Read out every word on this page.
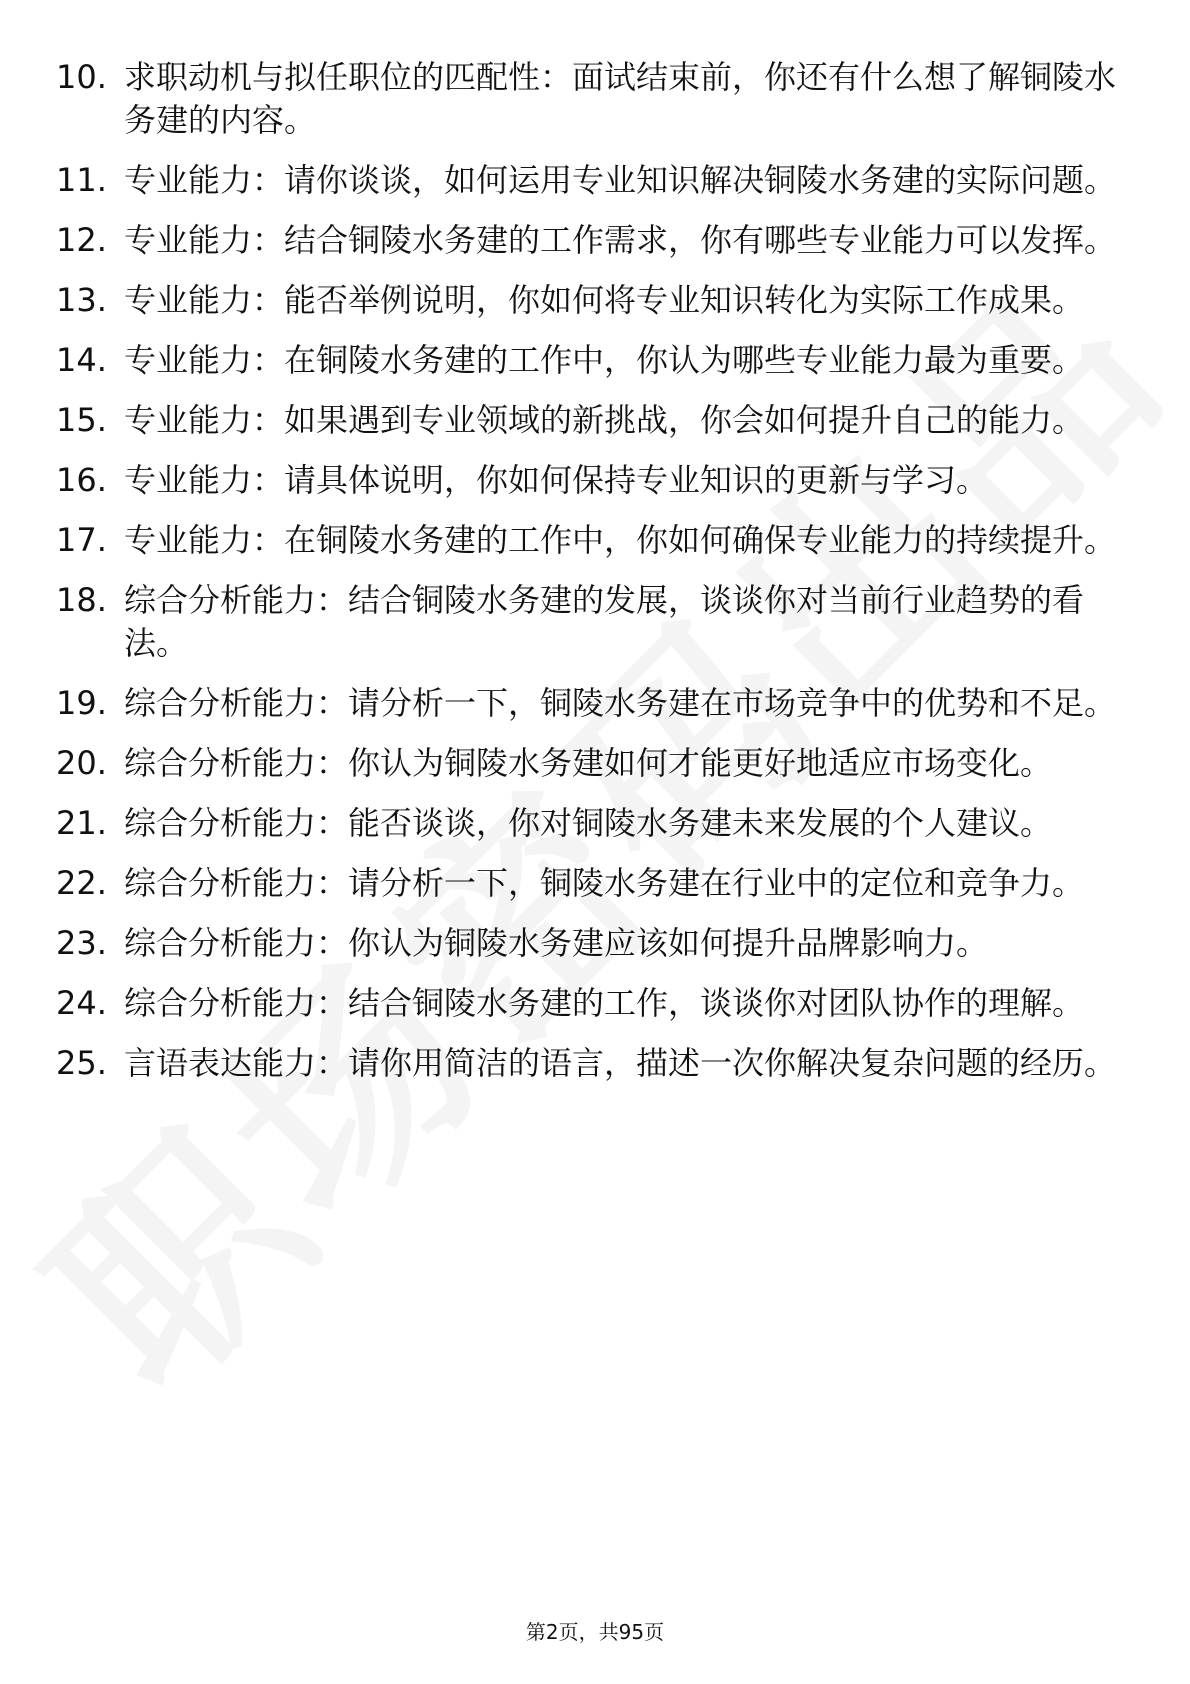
10. 求职动机与拟任职位的匹配性：面试结束前，你还有什么想了解铜陵水务建的内容。
11. 专业能力：请你谈谈，如何运用专业知识解决铜陵水务建的实际问题。
12. 专业能力：结合铜陵水务建的工作需求，你有哪些专业能力可以发挥。
13. 专业能力：能否举例说明，你如何将专业知识转化为实际工作成果。
14. 专业能力：在铜陵水务建的工作中，你认为哪些专业能力最为重要。
15. 专业能力：如果遇到专业领域的新挑战，你会如何提升自己的能力。
16. 专业能力：请具体说明，你如何保持专业知识的更新与学习。
17. 专业能力：在铜陵水务建的工作中，你如何确保专业能力的持续提升。
18. 综合分析能力：结合铜陵水务建的发展，谈谈你对当前行业趋势的看法。
19. 综合分析能力：请分析一下，铜陵水务建在市场竞争中的优势和不足。
20. 综合分析能力：你认为铜陵水务建如何才能更好地适应市场变化。
21. 综合分析能力：能否谈谈，你对铜陵水务建未来发展的个人建议。
22. 综合分析能力：请分析一下，铜陵水务建在行业中的定位和竞争力。
23. 综合分析能力：你认为铜陵水务建应该如何提升品牌影响力。
24. 综合分析能力：结合铜陵水务建的工作，谈谈你对团队协作的理解。
25. 言语表达能力：请你用简洁的语言，描述一次你解决复杂问题的经历。
第2页，共95页
